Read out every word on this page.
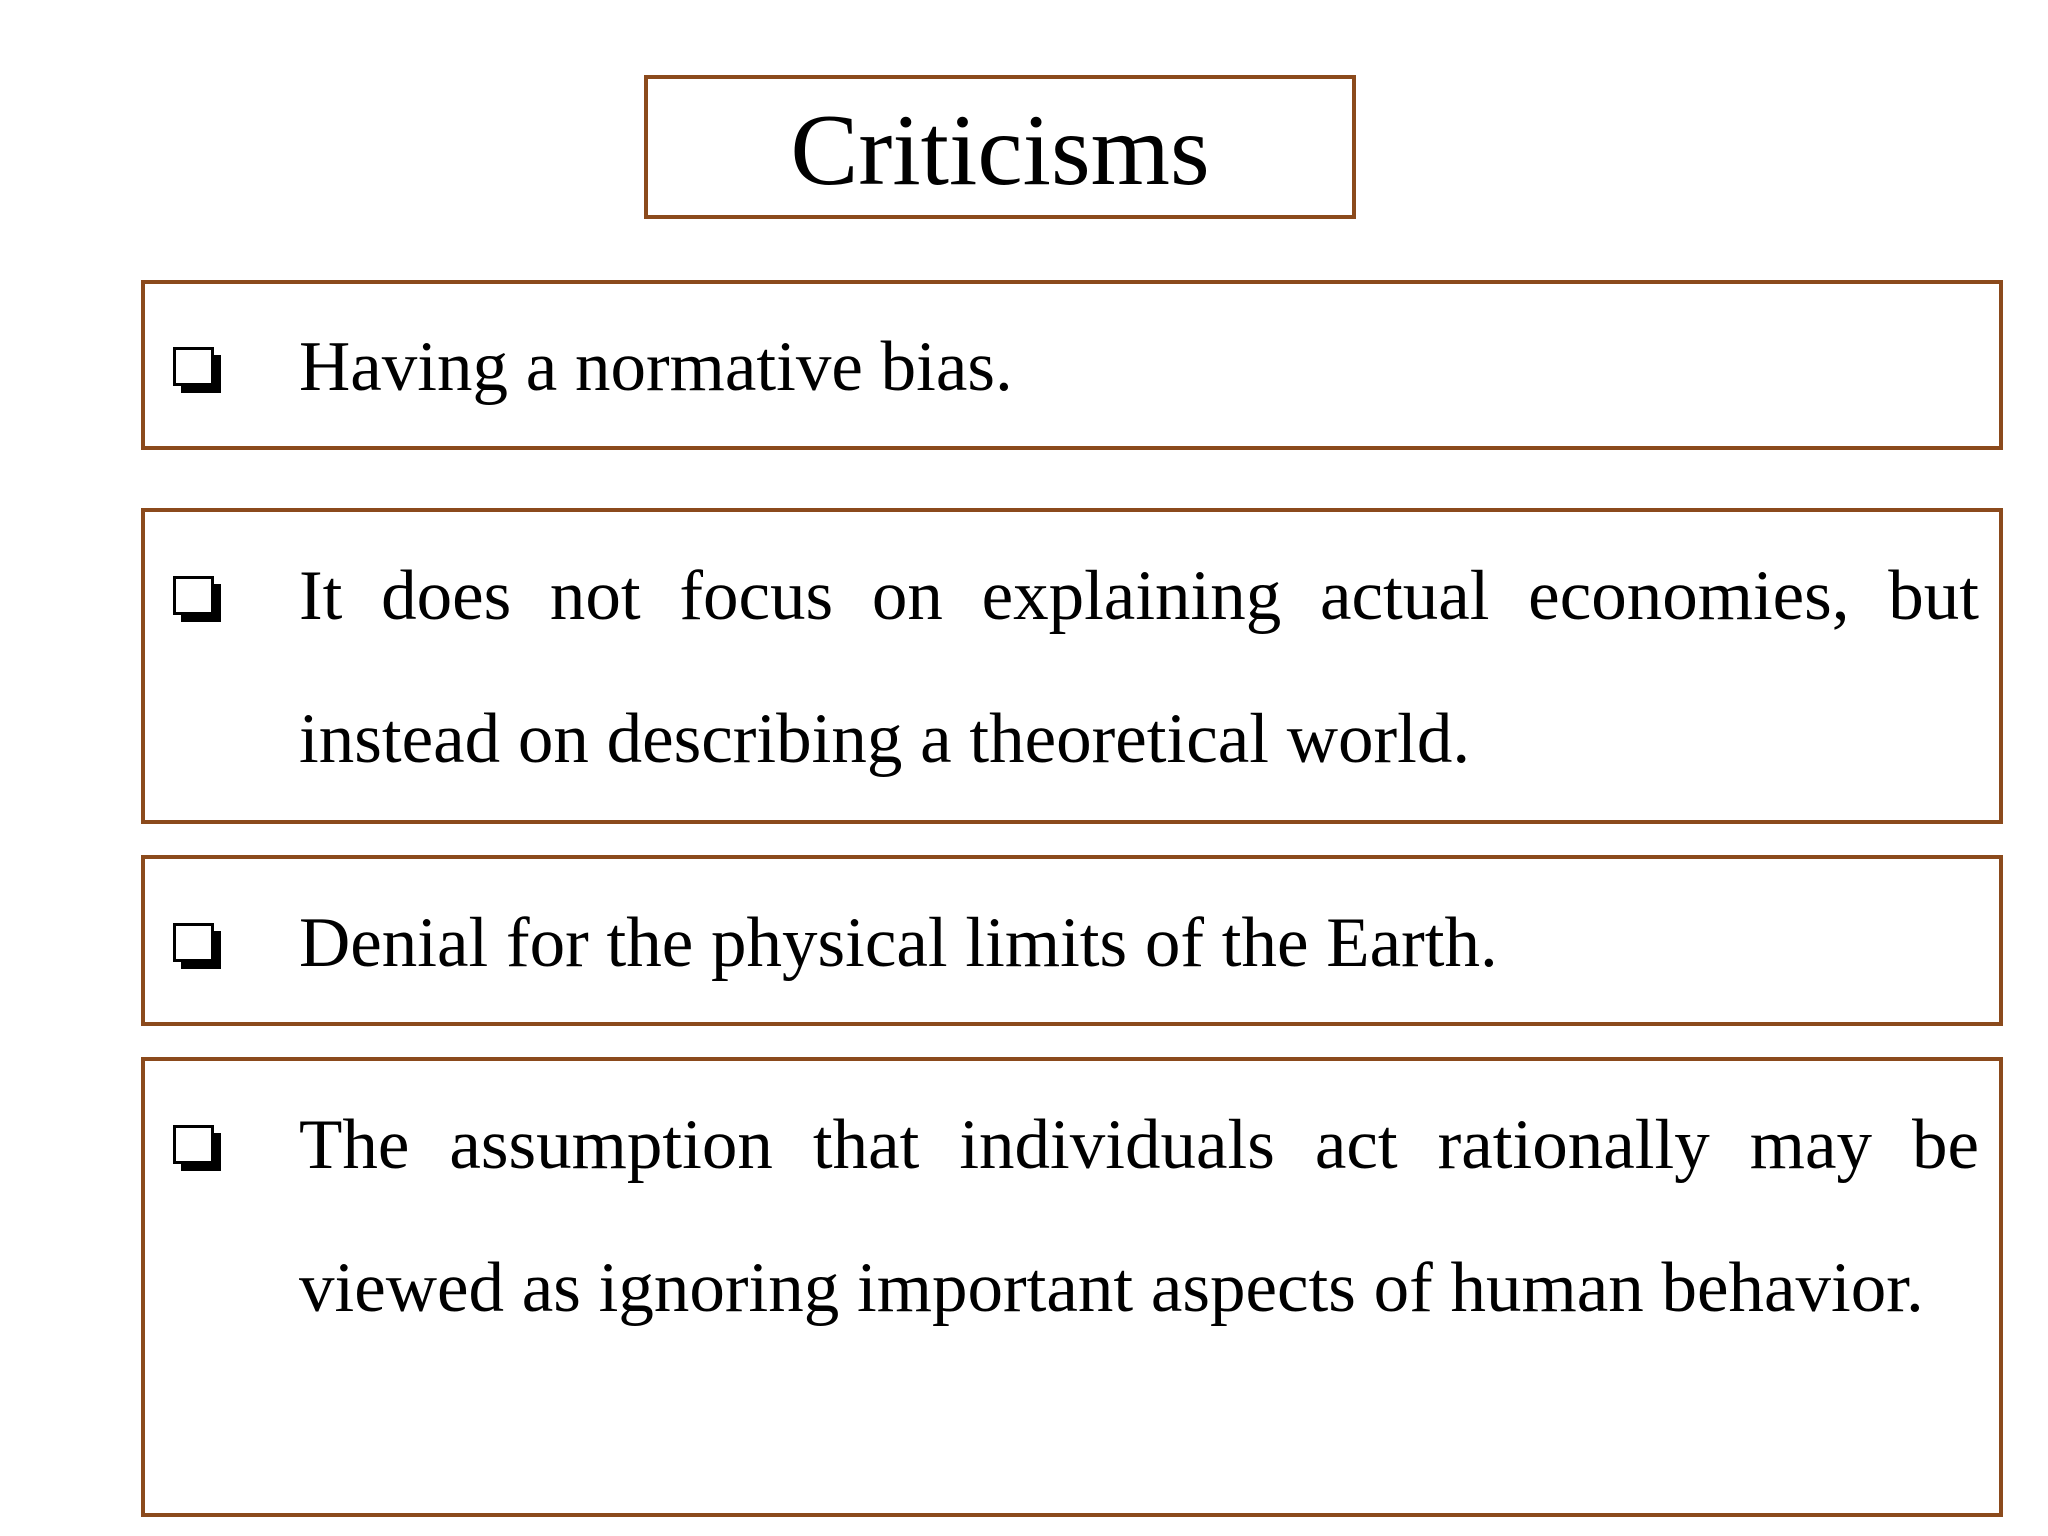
Criticisms
Having a normative bias.
It does not focus on explaining actual economies, but instead on describing a theoretical world.
Denial for the physical limits of the Earth.
The assumption that individuals act rationally may be viewed as ignoring important aspects of human behavior.
